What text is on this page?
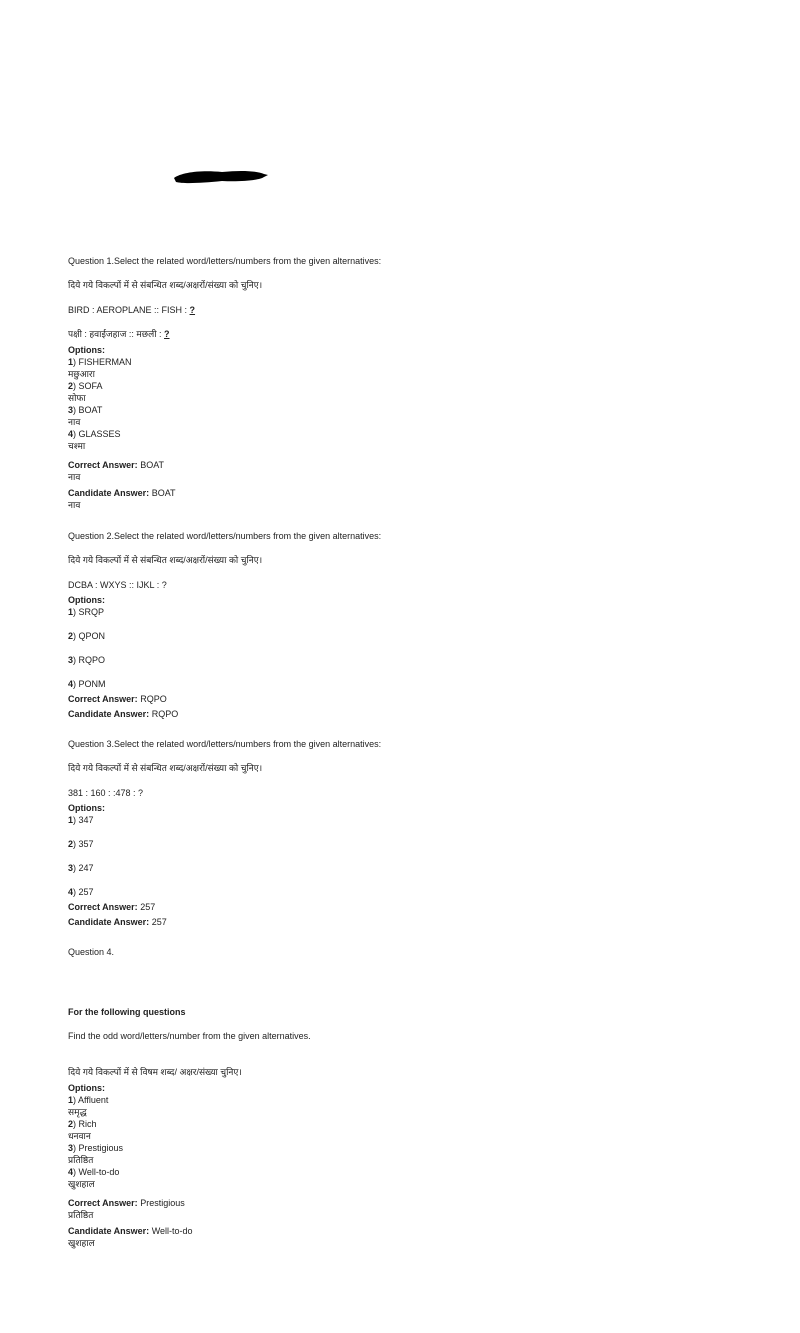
Question 1.Select the related word/letters/numbers from the given alternatives:
दिये गये विकल्पों में से संबन्धित शब्द/अक्षरों/संख्या को चुनिए।
BIRD : AEROPLANE :: FISH : ?
पक्षी : हवाईजहाज :: मछली : ?
Options:
1) FISHERMAN
मछुआरा
2) SOFA
सोफा
3) BOAT
नाव
4) GLASSES
चश्मा
Correct Answer: BOAT
नाव
Candidate Answer: BOAT
नाव
Question 2.Select the related word/letters/numbers from the given alternatives:
दिये गये विकल्पों में से संबन्धित शब्द/अक्षरों/संख्या को चुनिए।
DCBA : WXYS :: IJKL : ?
Options:
1) SRQP
2) QPON
3) RQPO
4) PONM
Correct Answer: RQPO
Candidate Answer: RQPO
Question 3.Select the related word/letters/numbers from the given alternatives:
दिये गये विकल्पों में से संबन्धित शब्द/अक्षरों/संख्या को चुनिए।
381 : 160 : :478 : ?
Options:
1) 347
2) 357
3) 247
4) 257
Correct Answer: 257
Candidate Answer: 257
Question 4.
For the following questions
Find the odd word/letters/number from the given alternatives.
दिये गये विकल्पों में से विषम शब्द/ अक्षर/संख्या चुनिए।
Options:
1) Affluent
समृद्ध
2) Rich
धनवान
3) Prestigious
प्रतिष्ठित
4) Well-to-do
खुशहाल
Correct Answer: Prestigious
प्रतिष्ठित
Candidate Answer: Well-to-do
खुशहाल
